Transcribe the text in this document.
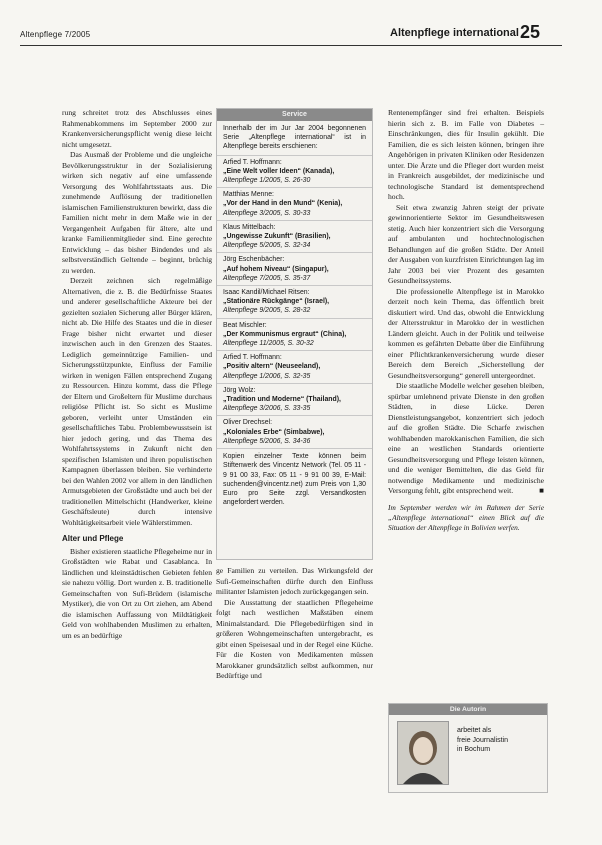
Altenpflege 7/2005	Altenpflege international 25

rung schreitet trotz des Abschlusses eines Rahmenabkommens im September 2000 zur Krankenversicherungspflicht wenig diese leicht nicht umgesetzt.

Das Ausmaß der Probleme und die ungleiche Bevölkerungsstruktur in der Sozialisierung wirken sich negativ auf eine umfassende Versorgung des Wohlfahrtsstaats aus. Die zunehmende Auflösung der traditionellen islamischen Familienstrukturen bewirkt, dass die Familien nicht mehr in dem Maße wie in der Vergangenheit Aufgaben für ältere, alte und kranke Familienmitglieder sind. Eine gerechte Entwicklung – das bisher Bindendes und als selbstverständlich Geltende – beginnt, brüchig zu werden.

Derzeit zeichnen sich regelmäßige Alternativen, die z. B. die Bedürfnisse Staates und anderer gesellschaftliche Akteure bei der gezielten sozialen Sicherung aller Bürger klären, nicht ab. Die Hilfe des Staates und die in dieser Frage bisher nicht erwartet und dieser inzwischen auch in den Grenzen des Staates. Lediglich gemeinnützige Familien- und Sicherungsstützpunkte, Einfluss der Familie wirken in wenigen Fällen entsprechend Zugang zu Ressourcen. Hinzu kommt, dass die Pflege der Eltern und Großeltern für Muslime durchaus religiöse Pflicht ist. So sicht es Muslime geboren, verleiht unter Umständen ein gesellschaftliches Tabu. Problembewusstsein ist hier jedoch gering, und das Thema des Wohlfahrtssystems in Zukunft nicht den spezifischen Islamisten und ihren populistischen Kampagnen überlassen bleiben. Sie verhinderte bei den Wahlen 2002 vor allem in den ländlichen Armutsgebieten der Großstädte und auch bei der traditionellen Mittelschicht (Handwerker, kleine Geschäftsleute) durch intensive Wohltätigkeitsarbeit viele Wählerstimmen.

Alter und Pflege

Bisher existieren staatliche Pflegeheime nur in Großstädten wie Rabat und Casablanca. In ländlichen und kleinstädtischen Gebieten fehlen sie nahezu völlig. Dort wurden z. B. traditionelle Gemeinschaften von Sufi-Brüdern (islamische Mystiker), die von Ort zu Ort ziehen, am Abend die islamischen Auffassung von Mildtätigkeit Geld von wohlhabenden Muslimen zu erhalten, um es an bedürftige

Service
Innerhalb der im Jur Jar 2004 begonnenen Serie „Altenpflege international“ ist in Altenpflege bereits erschienen:
Arfied T. Hoffmann:
„Eine Welt voller Ideen“ (Kanada),
Altenpflege 1/2005, S. 26-30
Matthias Menne:
„Vor der Hand in den Mund“ (Kenia),
Altenpflege 3/2005, S. 30-33
Klaus Mittelbach:
„Ungewisse Zukunft“ (Brasilien),
Altenpflege 5/2005, S. 32-34
Jörg Eschenbächer:
„Auf hohem Niveau“ (Singapur),
Altenpflege 7/2005, S. 35-37
Isaac Kandil/Michael Ritsen:
„Stationäre Rückgänge“ (Israel),
Altenpflege 9/2005, S. 28-32
Beat Mischler:
„Der Kommunismus ergraut“ (China),
Altenpflege 11/2005, S. 30-32
Arfied T. Hoffmann:
„Positiv altern“ (Neuseeland),
Altenpflege 1/2006, S. 32-35
Jörg Wolz:
„Tradition und Moderne“ (Thailand),
Altenpflege 3/2006, S. 33-35
Oliver Drechsel:
„Koloniales Erbe“ (Simbabwe),
Altenpflege 5/2006, S. 34-36
Kopien einzelner Texte können beim Stiftenwerk des Vincentz Network (Tel. 05 11 - 9 91 00 33, Fax: 05 11 - 9 91 00 39, E-Mail: suchenden@vincentz.net) zum Preis von 1,30 Euro pro Seite zzgl. Versandkosten angefordert werden.

ge Familien zu verteilen. Das Wirkungsfeld der Sufi-Gemeinschaften dürfte durch den Einfluss militanter Islamisten jedoch zurückgegangen sein.

Die Ausstattung der staatlichen Pflegeheime folgt nach westlichen Maßstäben einem Minimalstandard. Die Pflegebedürftigen sind in größeren Wohngemeinschaften untergebracht, es gibt einen Speisesaal und in der Regel eine Küche. Für die Kosten von Medikamenten müssen Marokkaner grundsätzlich selbst aufkommen, nur Bedürftige und

Rentenempfänger sind frei erhalten. Beispiels hierin sich z. B. im Falle von Diabetes – Einschränkungen, dies für Insulin gekühlt. Die Familien, die es sich leisten können, bringen ihre Angehörigen in privaten Kliniken oder Residenzen unter. Die Ärzte und die Pfleger dort wurden meist in Frankreich ausgebildet, der medizinische und technologische Standard ist dementsprechend hoch.

Seit etwa zwanzig Jahren steigt der private gewinnorientierte Sektor im Gesundheitswesen stetig. Auch hier konzentriert sich die Versorgung auf ambulanten und hochtechnologischen Behandlungen auf die großen Städte. Der Anteil der Ausgaben von kurzfristen Einrichtungen lag im Jahr 2003 bei vier Prozent des gesamten Gesundheitssystems.

Die professionelle Altenpflege ist in Marokko derzeit noch kein Thema, das öffentlich breit diskutiert wird. Und das, obwohl die Entwicklung der Altersstruktur in Marokko der in westlichen Ländern gleicht. Auch in der Politik und teilweise kommen es gefährten Debatte über die Einführung einer Pflichtkrankenversicherung wurde dieser Bereich dem Bereich „Sicherstellung der Gesundheitsversorgung“ generell untergeordnet.

Die staatliche Modelle welcher gesehen bleiben, spürbar umlehnend private Dienste in den großen Städten, in diese Lücke. Deren Dienstleistungsangebot, konzentriert sich jedoch auf die großen Städte. Die Scharfe zwischen wohlhabenden marokkanischen Familien, die sich eine an westlichen Standards orientierte Gesundheitsversorgung und Pflege leisten können, und die weniger Bemittelten, die das Geld für notwendige Medikamente und medizinische Versorgung fehlt, gibt entsprechend weit.	■

Im September werden wir im Rahmen der Serie „Altenpflege international“ einen Blick auf die Situation der Altenpflege in Bolivien werfen.
Die Autorin
arbeitet als
freie Journalistin
in Bochum
